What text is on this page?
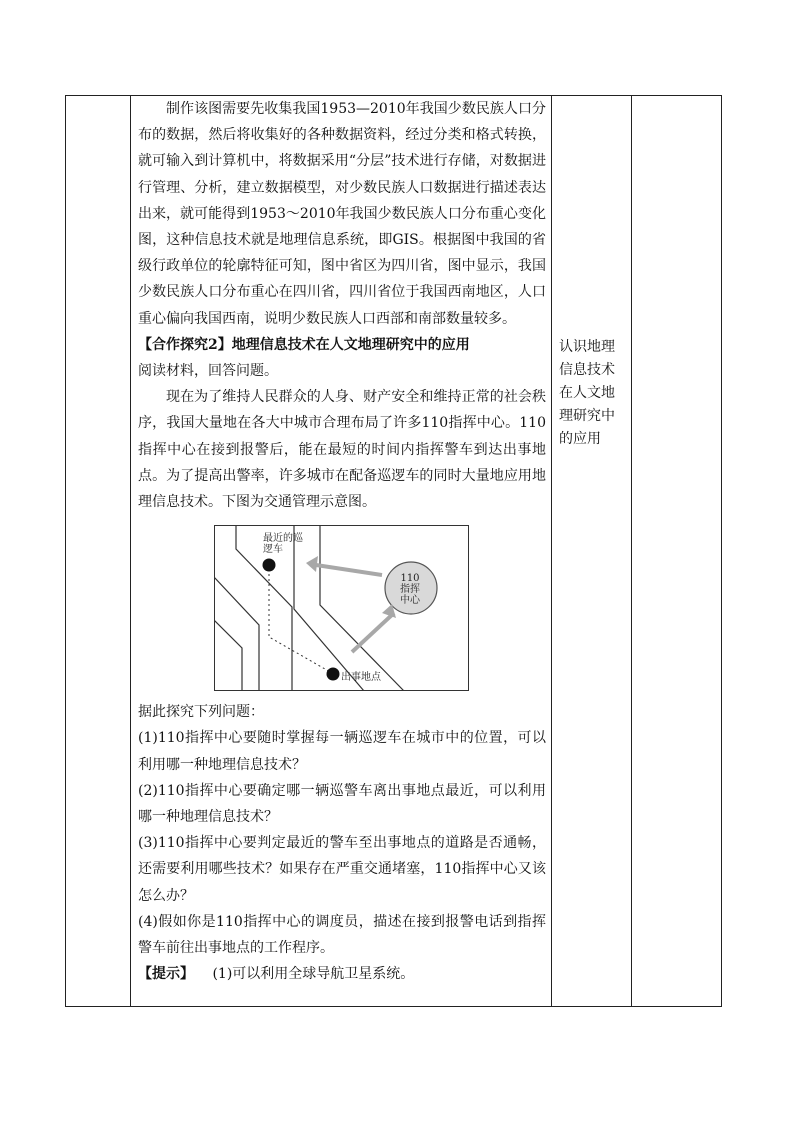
制作该图需要先收集我国1953—2010年我国少数民族人口分布的数据，然后将收集好的各种数据资料，经过分类和格式转换，就可输入到计算机中，将数据采用“分层”技术进行存储，对数据进行管理、分析，建立数据模型，对少数民族人口数据进行描述表达出来，就可能得到1953～2010年我国少数民族人口分布重心变化图，这种信息技术就是地理信息系统，即GIS。根据图中我国的省级行政单位的轮廓特征可知，图中省区为四川省，图中显示，我国少数民族人口分布重心在四川省，四川省位于我国西南地区，人口重心偏向我国西南，说明少数民族人口西部和南部数量较多。

【合作探究2】地理信息技术在人文地理研究中的应用

阅读材料，回答问题。

现在为了维持人民群众的人身、财产安全和维持正常的社会秩序，我国大量地在各大中城市合理布局了许多110指挥中心。110指挥中心在接到报警后，能在最短的时间内指挥警车到达出事地点。为了提高出警率，许多城市在配备巡逻车的同时大量地应用地理信息技术。下图为交通管理示意图。

最近的巡逻车
110指挥中心
出事地点

据此探究下列问题：

(1)110指挥中心要随时掌握每一辆巡逻车在城市中的位置，可以利用哪一种地理信息技术？

(2)110指挥中心要确定哪一辆巡警车离出事地点最近，可以利用哪一种地理信息技术？

(3)110指挥中心要判定最近的警车至出事地点的道路是否通畅，还需要利用哪些技术？如果存在严重交通堵塞，110指挥中心又该怎么办？

(4)假如你是110指挥中心的调度员，描述在接到报警电话到指挥警车前往出事地点的工作程序。

【提示】 (1)可以利用全球导航卫星系统。

认识地理信息技术在人文地理研究中的应用
